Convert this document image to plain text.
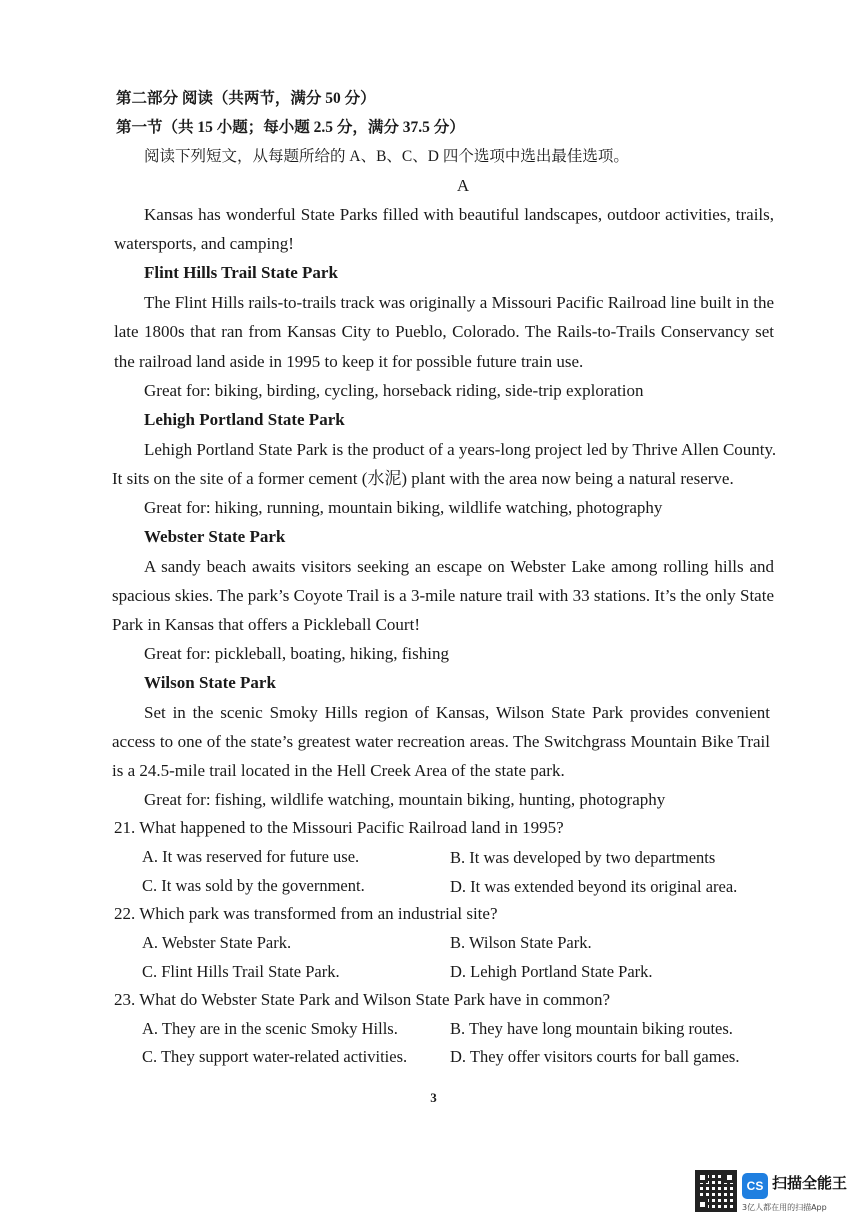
第二部分 阅读（共两节，满分 50 分）
第一节（共 15 小题；每小题 2.5 分，满分 37.5 分）
阅读下列短文，从每题所给的 A、B、C、D 四个选项中选出最佳选项。
A
Kansas has wonderful State Parks filled with beautiful landscapes, outdoor activities, trails,
watersports, and camping!
Flint Hills Trail State Park
The Flint Hills rails-to-trails track was originally a Missouri Pacific Railroad line built in the
late 1800s that ran from Kansas City to Pueblo, Colorado. The Rails-to-Trails Conservancy set
the railroad land aside in 1995 to keep it for possible future train use.
Great for: biking, birding, cycling, horseback riding, side-trip exploration
Lehigh Portland State Park
Lehigh Portland State Park is the product of a years-long project led by Thrive Allen County.
It sits on the site of a former cement (水泥) plant with the area now being a natural reserve.
Great for: hiking, running, mountain biking, wildlife watching, photography
Webster State Park
A sandy beach awaits visitors seeking an escape on Webster Lake among rolling hills and
spacious skies. The park’s Coyote Trail is a 3-mile nature trail with 33 stations. It’s the only State
Park in Kansas that offers a Pickleball Court!
Great for: pickleball, boating, hiking, fishing
Wilson State Park
Set in the scenic Smoky Hills region of Kansas, Wilson State Park provides convenient
access to one of the state’s greatest water recreation areas. The Switchgrass Mountain Bike Trail
is a 24.5-mile trail located in the Hell Creek Area of the state park.
Great for: fishing, wildlife watching, mountain biking, hunting, photography
21. What happened to the Missouri Pacific Railroad land in 1995?
A. It was reserved for future use.	B. It was developed by two departments
C. It was sold by the government.	D. It was extended beyond its original area.
22. Which park was transformed from an industrial site?
A. Webster State Park.	B. Wilson State Park.
C. Flint Hills Trail State Park.	D. Lehigh Portland State Park.
23. What do Webster State Park and Wilson State Park have in common?
A. They are in the scenic Smoky Hills.	B. They have long mountain biking routes.
C. They support water-related activities.	D. They offer visitors courts for ball games.
3
CS 扫描全能王
3亿人都在用的扫描App
